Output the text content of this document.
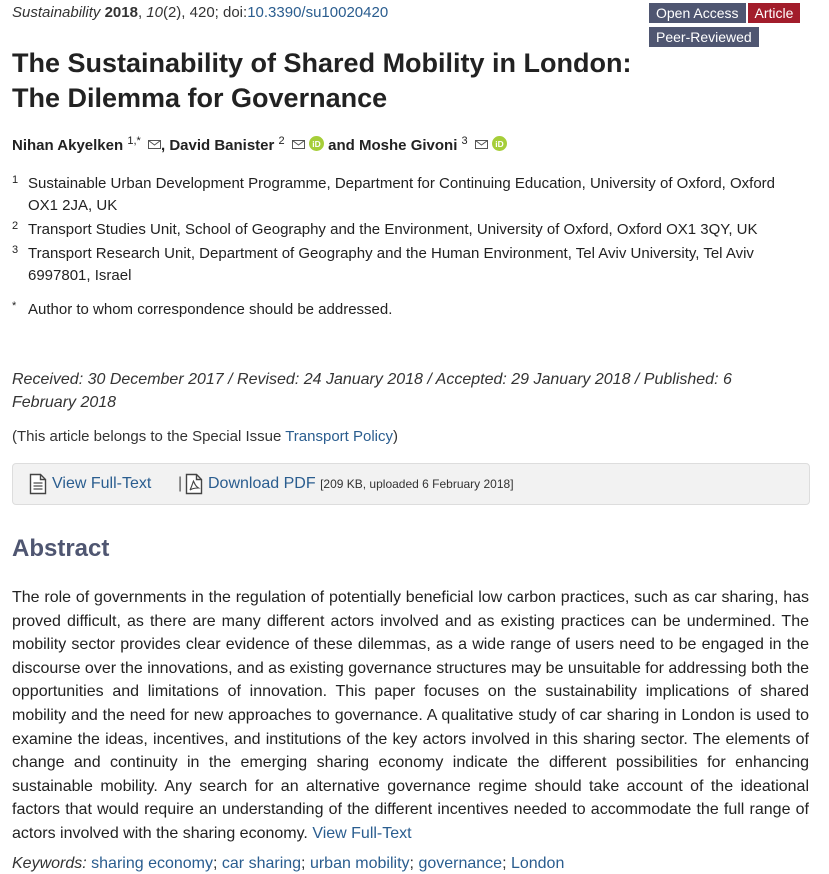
Sustainability 2018, 10(2), 420; doi:10.3390/su10020420	Open Access Article
Peer-Reviewed
The Sustainability of Shared Mobility in London: The Dilemma for Governance
Nihan Akyelken $^{1,*}$ , David Banister $^2$	iD and Moshe Givoni $^3$	iD
1 Sustainable Urban Development Programme, Department for Continuing Education, University of Oxford, Oxford OX1 2JA, UK
2 Transport Studies Unit, School of Geography and the Environment, University of Oxford, Oxford OX1 3QY, UK
3 Transport Research Unit, Department of Geography and the Human Environment, Tel Aviv University, Tel Aviv 6997801, Israel
* Author to whom correspondence should be addressed.
Received: 30 December 2017 / Revised: 24 January 2018 / Accepted: 29 January 2018 / Published: 6 February 2018
(This article belongs to the Special Issue Transport Policy)
View Full-Text | Download PDF [209 KB, uploaded 6 February 2018]
Abstract

The role of governments in the regulation of potentially beneficial low carbon practices, such as car sharing, has proved difficult, as there are many different actors involved and as existing practices can be undermined. The mobility sector provides clear evidence of these dilemmas, as a wide range of users need to be engaged in the discourse over the innovations, and as existing governance structures may be unsuitable for addressing both the opportunities and limitations of innovation. This paper focuses on the sustainability implications of shared mobility and the need for new approaches to governance. A qualitative study of car sharing in London is used to examine the ideas, incentives, and institutions of the key actors involved in this sharing sector. The elements of change and continuity in the emerging sharing economy indicate the different possibilities for enhancing sustainable mobility. Any search for an alternative governance regime should take account of the ideational factors that would require an understanding of the different incentives needed to accommodate the full range of actors involved with the sharing economy. View Full-Text

Keywords: sharing economy; car sharing; urban mobility; governance; London
